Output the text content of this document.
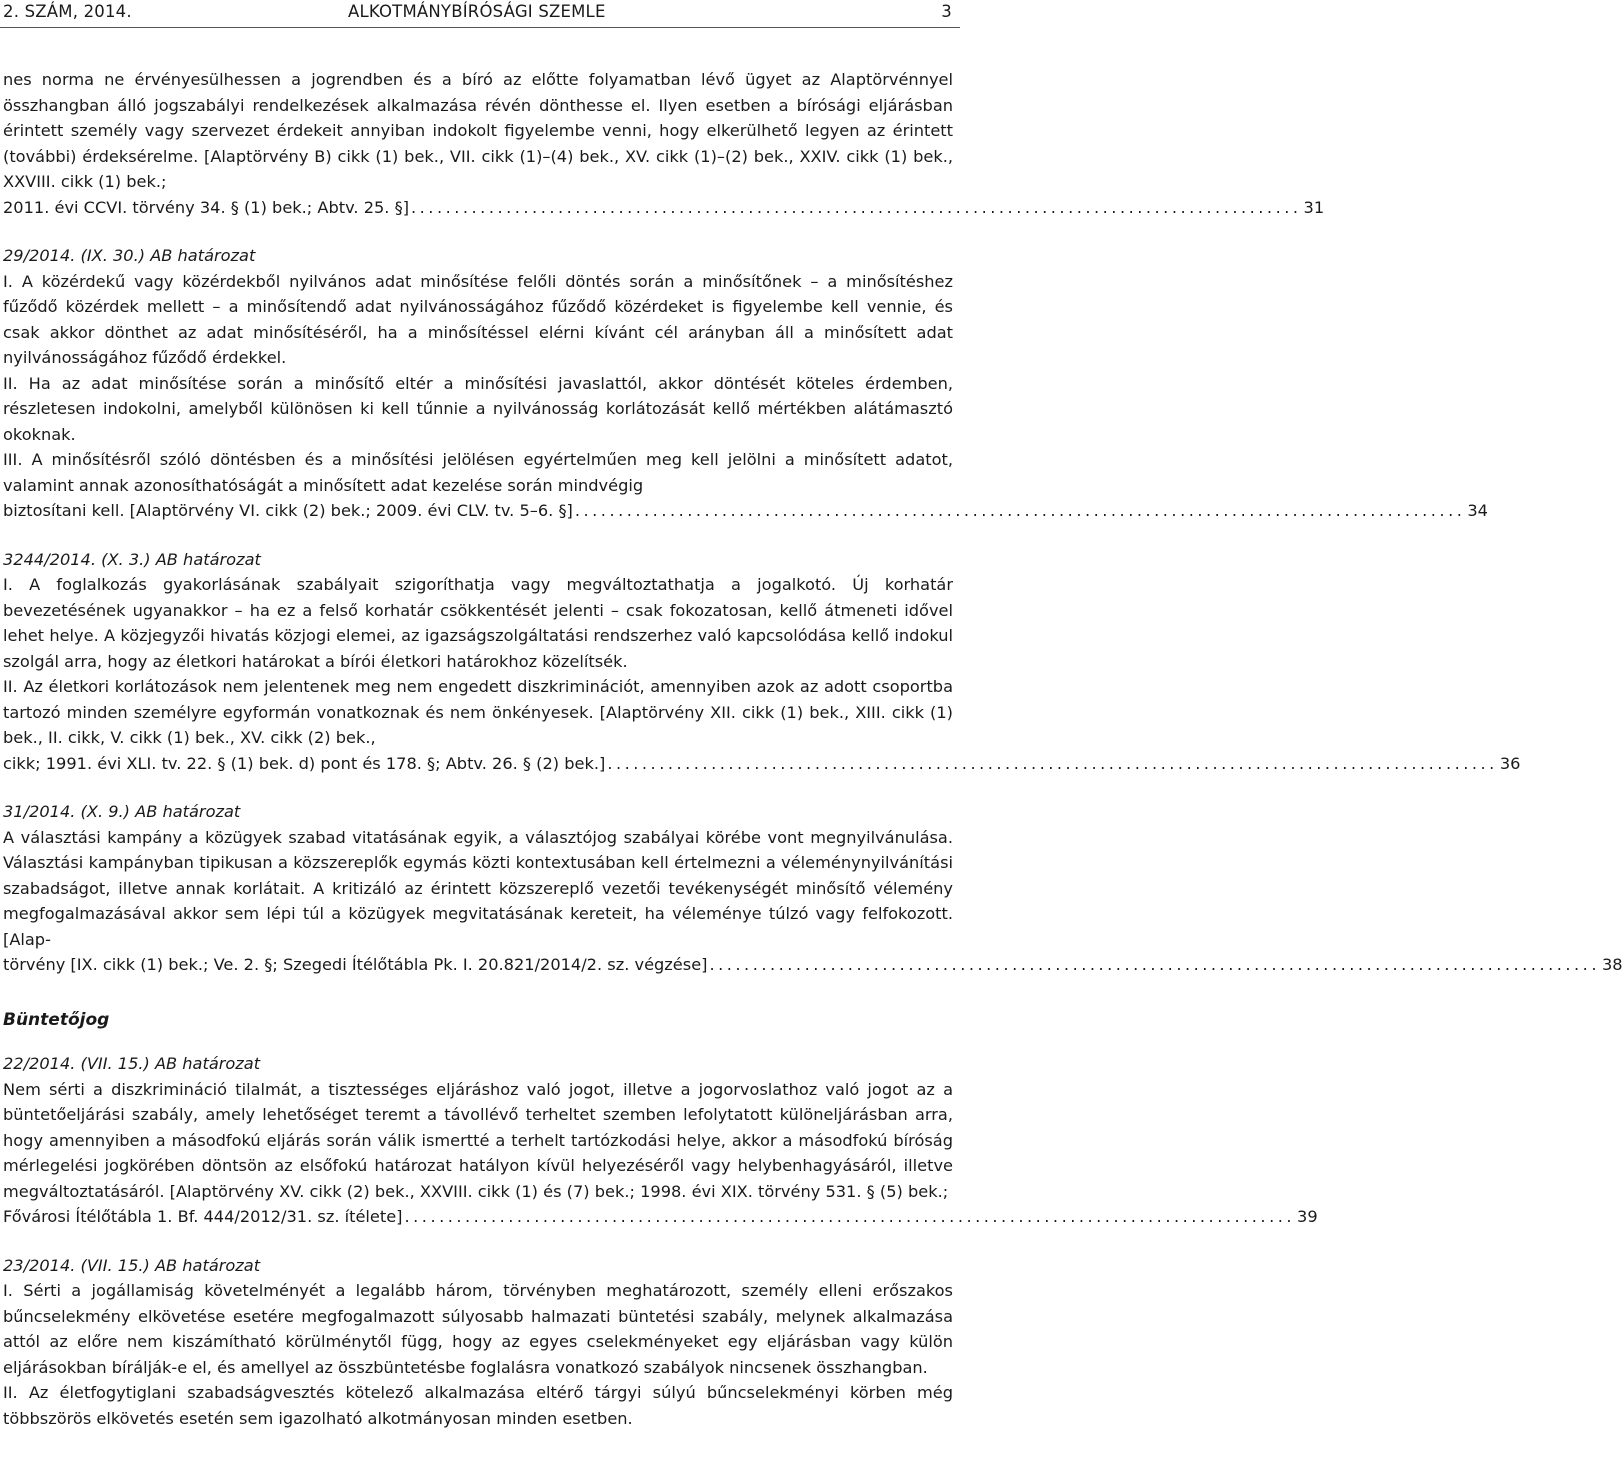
2. SZÁM, 2014.	ALKOTMÁNYBÍRÓSÁGI SZEMLE	3

nes norma ne érvényesülhessen a jogrendben és a bíró az előtte folyamatban lévő ügyet az Alaptörvénnyel összhangban álló jogszabályi rendelkezések alkalmazása révén dönthesse el. Ilyen esetben a bírósági eljárásban érintett személy vagy szervezet érdekeit annyiban indokolt figyelembe venni, hogy elkerülhető legyen az érintett (további) érdeksérelme. [Alaptörvény B) cikk (1) bek., VII. cikk (1)–(4) bek., XV. cikk (1)–(2) bek., XXIV. cikk (1) bek., XXVIII. cikk (1) bek.;

2011. évi CCVI. törvény 34. § (1) bek.; Abtv. 25. §] ....................................................................................................... 31
29/2014. (IX. 30.) AB határozat

I. A közérdekű vagy közérdekből nyilvános adat minősítése felőli döntés során a minősítőnek – a minősítéshez fűződő közérdek mellett – a minősítendő adat nyilvánosságához fűződő közérdeket is figyelembe kell vennie, és csak akkor dönthet az adat minősítéséről, ha a minősítéssel elérni kívánt cél arányban áll a minősített adat nyilvánosságához fűződő érdekkel.

II. Ha az adat minősítése során a minősítő eltér a minősítési javaslattól, akkor döntését köteles érdemben, részletesen indokolni, amelyből különösen ki kell tűnnie a nyilvánosság korlátozását kellő mértékben alátámasztó okoknak.

III. A minősítésről szóló döntésben és a minősítési jelölésen egyértelműen meg kell jelölni a minősített adatot, valamint annak azonosíthatóságát a minősített adat kezelése során mindvégig

biztosítani kell. [Alaptörvény VI. cikk (2) bek.; 2009. évi CLV. tv. 5–6. §] ....................................................................................................... 34
3244/2014. (X. 3.) AB határozat

I. A foglalkozás gyakorlásának szabályait szigoríthatja vagy megváltoztathatja a jogalkotó. Új korhatár bevezetésének ugyanakkor – ha ez a felső korhatár csökkentését jelenti – csak fokozatosan, kellő átmeneti idővel lehet helye. A közjegyzői hivatás közjogi elemei, az igazságszolgáltatási rendszerhez való kapcsolódása kellő indokul szolgál arra, hogy az életkori határokat a bírói életkori határokhoz közelítsék.

II. Az életkori korlátozások nem jelentenek meg nem engedett diszkriminációt, amennyiben azok az adott csoportba tartozó minden személyre egyformán vonatkoznak és nem önkényesek. [Alaptörvény XII. cikk (1) bek., XIII. cikk (1) bek., II. cikk, V. cikk (1) bek., XV. cikk (2) bek.,

cikk; 1991. évi XLI. tv. 22. § (1) bek. d) pont és 178. §; Abtv. 26. § (2) bek.] ....................................................................................................... 36
31/2014. (X. 9.) AB határozat

A választási kampány a közügyek szabad vitatásának egyik, a választójog szabályai körébe vont megnyilvánulása. Választási kampányban tipikusan a közszereplők egymás közti kontextusában kell értelmezni a véleménynyilvánítási szabadságot, illetve annak korlátait. A kritizáló az érintett közszereplő vezetői tevékenységét minősítő vélemény megfogalmazásával akkor sem lépi túl a közügyek megvitatásának kereteit, ha véleménye túlzó vagy felfokozott. [Alap-

törvény [IX. cikk (1) bek.; Ve. 2. §; Szegedi Ítélőtábla Pk. I. 20.821/2014/2. sz. végzése] ....................................................................................................... 38
Büntetőjog
22/2014. (VII. 15.) AB határozat

Nem sérti a diszkrimináció tilalmát, a tisztességes eljáráshoz való jogot, illetve a jogorvoslathoz való jogot az a büntetőeljárási szabály, amely lehetőséget teremt a távollévő terheltet szemben lefolytatott különeljárásban arra, hogy amennyiben a másodfokú eljárás során válik ismertté a terhelt tartózkodási helye, akkor a másodfokú bíróság mérlegelési jogkörében döntsön az elsőfokú határozat hatályon kívül helyezéséről vagy helybenhagyásáról, illetve megváltoztatásáról. [Alaptörvény XV. cikk (2) bek., XXVIII. cikk (1) és (7) bek.; 1998. évi XIX. törvény 531. § (5) bek.;

Fővárosi Ítélőtábla 1. Bf. 444/2012/31. sz. ítélete] ....................................................................................................... 39
23/2014. (VII. 15.) AB határozat

I. Sérti a jogállamiság követelményét a legalább három, törvényben meghatározott, személy elleni erőszakos bűncselekmény elkövetése esetére megfogalmazott súlyosabb halmazati büntetési szabály, melynek alkalmazása attól az előre nem kiszámítható körülménytől függ, hogy az egyes cselekményeket egy eljárásban vagy külön eljárásokban bírálják-e el, és amellyel az összbüntetésbe foglalásra vonatkozó szabályok nincsenek összhangban.

II. Az életfogytiglani szabadságvesztés kötelező alkalmazása eltérő tárgyi súlyú bűncselekményi körben még többszörös elkövetés esetén sem igazolható alkotmányosan minden esetben.
